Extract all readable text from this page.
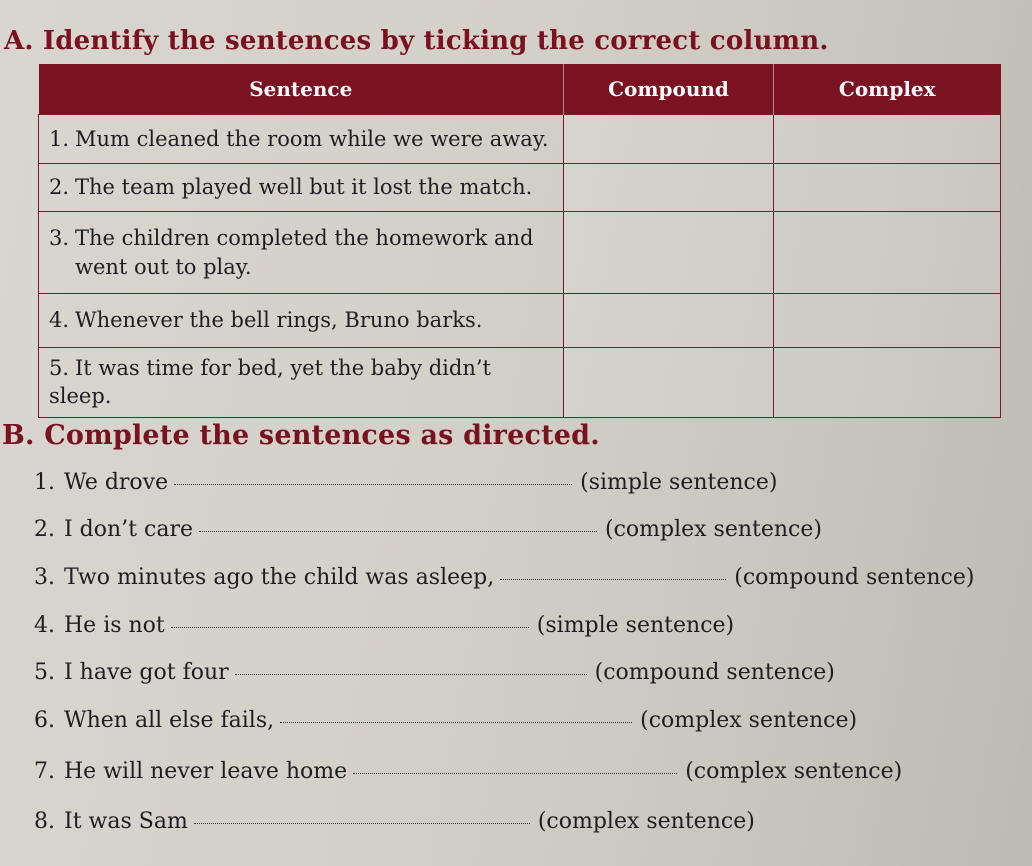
A. Identify the sentences by ticking the correct column.
Sentence	Compound	Complex
1. Mum cleaned the room while we were away.		
2. The team played well but it lost the match.		
3. The children completed the homework and
went out to play.		

4. Whenever the bell rings, Bruno barks.		
5. It was time for bed, yet the baby didn’t sleep.		
B. Complete the sentences as directed.
1. We drove	(simple sentence)
2. I don’t care	(complex sentence)
3. Two minutes ago the child was asleep,	(compound sentence)
4. He is not	(simple sentence)
5. I have got four	(compound sentence)
6. When all else fails,	(complex sentence)
7. He will never leave home	(complex sentence)
8. It was Sam	(complex sentence)
